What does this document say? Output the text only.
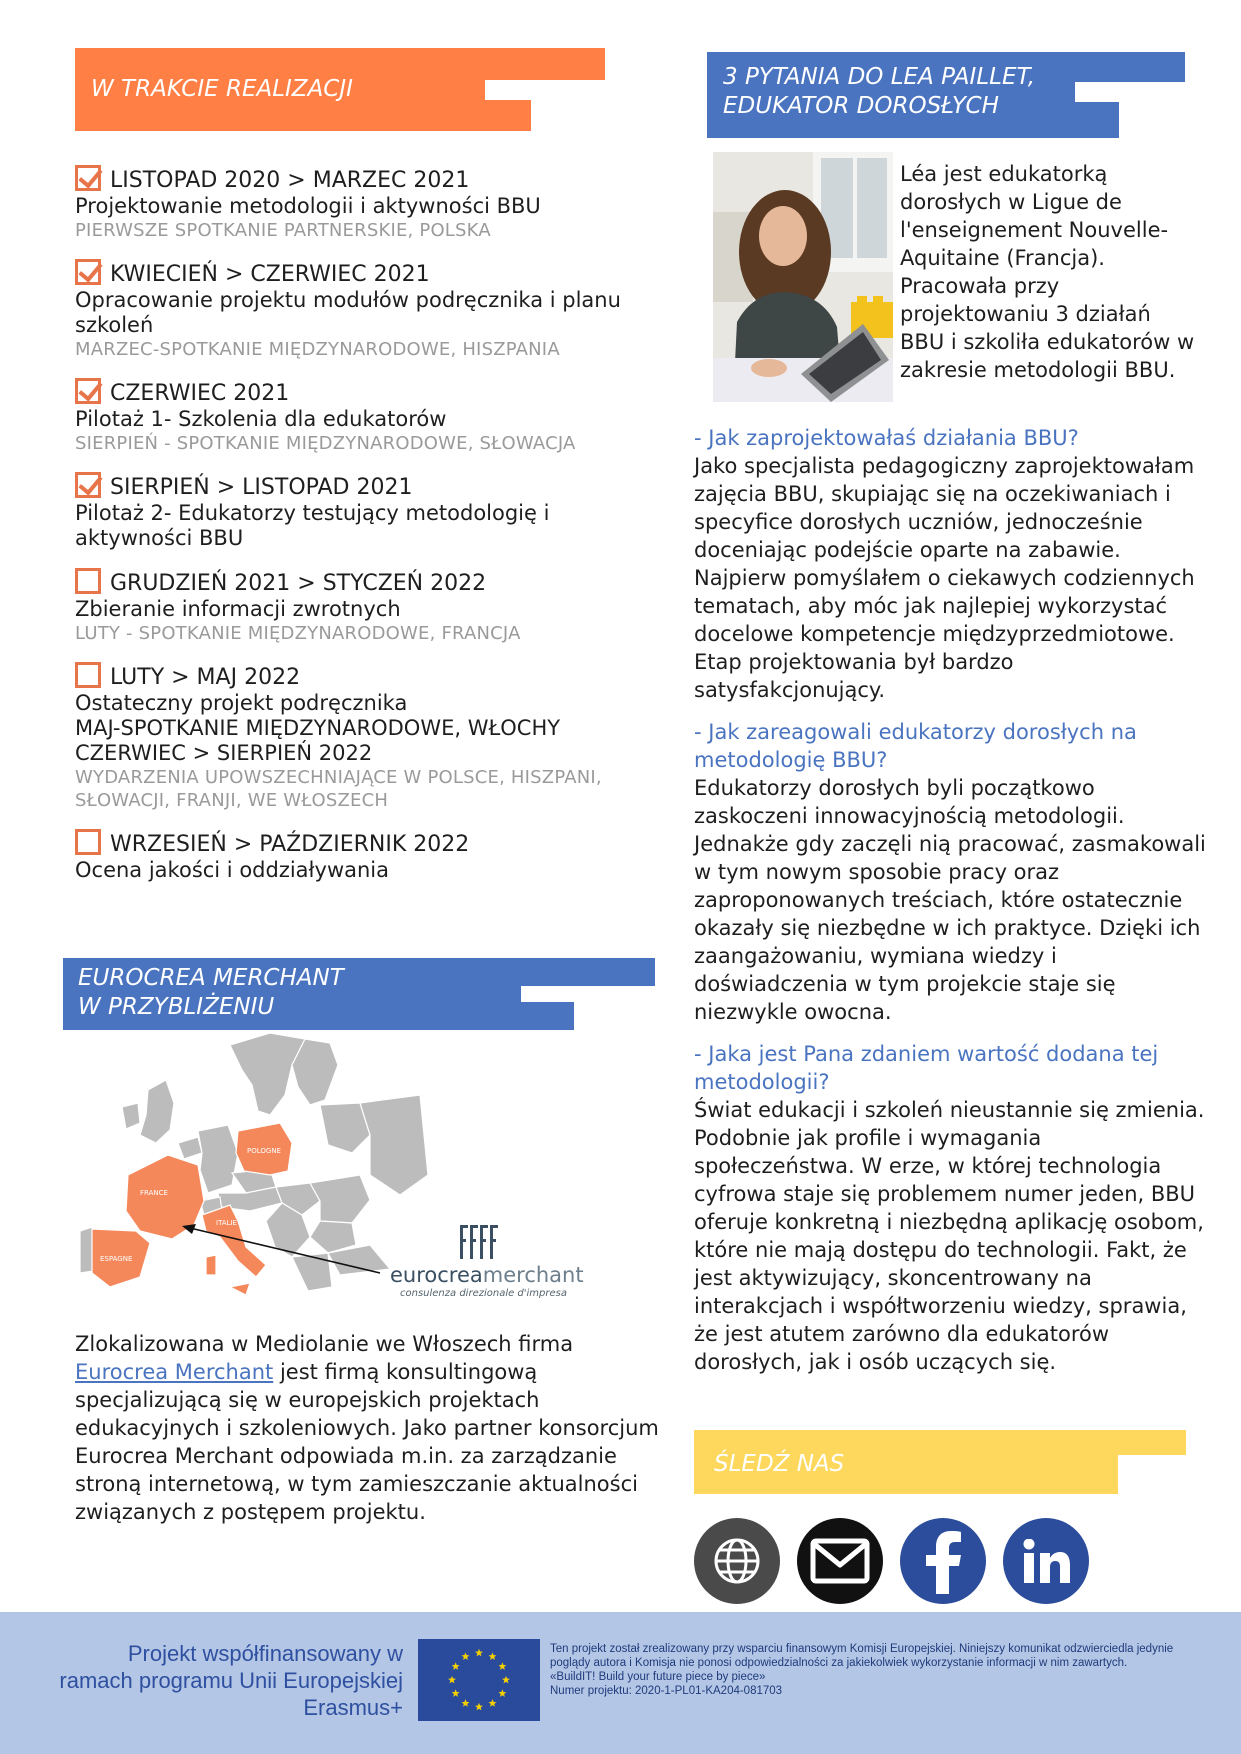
W TRAKCIE REALIZACJI
LISTOPAD 2020 > MARZEC 2021
Projektowanie metodologii i aktywności BBU
PIERWSZE SPOTKANIE PARTNERSKIE, POLSKA
KWIECIEŃ > CZERWIEC 2021
Opracowanie projektu modułów podręcznika i planu szkoleń
MARZEC-SPOTKANIE MIĘDZYNARODOWE, HISZPANIA
CZERWIEC 2021
Pilotaż 1- Szkolenia dla edukatorów
SIERPIEŃ - SPOTKANIE MIĘDZYNARODOWE, SŁOWACJA
SIERPIEŃ > LISTOPAD 2021
Pilotaż 2- Edukatorzy testujący metodologię i aktywności BBU
GRUDZIEŃ 2021 > STYCZEŃ 2022
Zbieranie informacji zwrotnych
LUTY - SPOTKANIE MIĘDZYNARODOWE, FRANCJA
LUTY > MAJ 2022
Ostateczny projekt podręcznika
MAJ-SPOTKANIE MIĘDZYNARODOWE, WŁOCHY
CZERWIEC > SIERPIEŃ 2022
WYDARZENIA UPOWSZECHNIAJĄCE W POLSCE, HISZPANI, SŁOWACJI, FRANJI, WE WŁOSZECH
WRZESIEŃ > PAŹDZIERNIK 2022
Ocena jakości i oddziaływania
EUROCREA MERCHANT
W PRZYBLIŻENIU
POLOGNE
FRANCE
ESPAGNE
ITALIE
eurocreamerchant
consulenza direzionale d'impresa
Zlokalizowana w Mediolanie we Włoszech firma Eurocrea Merchant jest firmą konsultingową specjalizującą się w europejskich projektach edukacyjnych i szkoleniowych. Jako partner konsorcjum Eurocrea Merchant odpowiada m.in. za zarządzanie stroną internetową, w tym zamieszczanie aktualności związanych z postępem projektu.
3 PYTANIA DO LEA PAILLET,
EDUKATOR DOROSŁYCH
Léa jest edukatorką dorosłych w Ligue de l'enseignement Nouvelle-Aquitaine (Francja). Pracowała przy projektowaniu 3 działań BBU i szkoliła edukatorów w zakresie metodologii BBU.
- Jak zaprojektowałaś działania BBU?
Jako specjalista pedagogiczny zaprojektowałam zajęcia BBU, skupiając się na oczekiwaniach i specyfice dorosłych uczniów, jednocześnie doceniając podejście oparte na zabawie. Najpierw pomyślałem o ciekawych codziennych tematach, aby móc jak najlepiej wykorzystać docelowe kompetencje międzyprzedmiotowe. Etap projektowania był bardzo satysfakcjonujący.
- Jak zareagowali edukatorzy dorosłych na metodologię BBU?
Edukatorzy dorosłych byli początkowo zaskoczeni innowacyjnością metodologii. Jednakże gdy zaczęli nią pracować, zasmakowali w tym nowym sposobie pracy oraz zaproponowanych treściach, które ostatecznie okazały się niezbędne w ich praktyce. Dzięki ich zaangażowaniu, wymiana wiedzy i doświadczenia w tym projekcie staje się niezwykle owocna.
- Jaka jest Pana zdaniem wartość dodana tej metodologii?
Świat edukacji i szkoleń nieustannie się zmienia. Podobnie jak profile i wymagania społeczeństwa. W erze, w której technologia cyfrowa staje się problemem numer jeden, BBU oferuje konkretną i niezbędną aplikację osobom, które nie mają dostępu do technologii. Fakt, że jest aktywizujący, skoncentrowany na interakcjach i współtworzeniu wiedzy, sprawia, że jest atutem zarówno dla edukatorów dorosłych, jak i osób uczących się.
ŚLEDŹ NAS
Projekt współfinansowany w
ramach programu Unii Europejskiej
Erasmus+
Ten projekt został zrealizowany przy wsparciu finansowym Komisji Europejskiej. Niniejszy komunikat odzwierciedla jedynie poglądy autora i Komisja nie ponosi odpowiedzialności za jakiekolwiek wykorzystanie informacji w nim zawartych.
«BuildIT! Build your future piece by piece»
Numer projektu: 2020-1-PL01-KA204-081703
